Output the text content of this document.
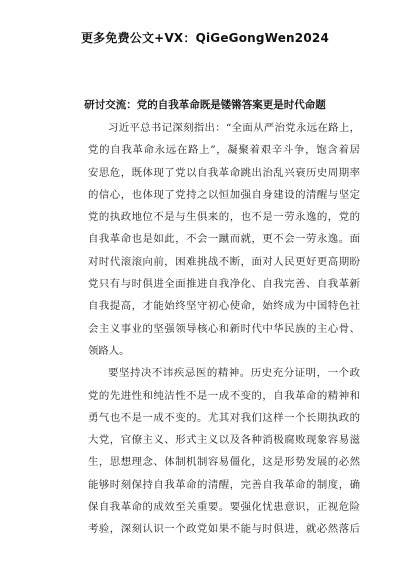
更多免费公文+VX：QiGeGongWen2024
研讨交流：党的自我革命既是镂锵答案更是时代命题
习近平总书记深刻指出：“全面从严治党永远在路上，
党的自我革命永远在路上”，凝聚着艰辛斗争，饱含着居
安思危，既体现了党以自我革命跳出治乱兴衰历史周期率
的信心，也体现了党持之以恒加强自身建设的清醒与坚定
党的执政地位不是与生俱来的，也不是一劳永逸的，党的
自我革命也是如此，不会一蹴而就，更不会一劳永逸。面
对时代滚滚向前，困难挑战不断，面对人民更好更高期盼
党只有与时俱进全面推进自我净化、自我完善、自我革新
自我提高，才能始终坚守初心使命，始终成为中国特色社
会主义事业的坚强领导核心和新时代中华民族的主心骨、
领路人。
要坚持决不讳疾忌医的精神。历史充分证明，一个政
党的先进性和纯洁性不是一成不变的，自我革命的精神和
勇气也不是一成不变的。尤其对我们这样一个长期执政的
大党，官僚主义、形式主义以及各种消极腐败现象容易滋
生，思想理念、体制机制容易僵化，这是形势发展的必然
能够时刻保持自我革命的清醒，完善自我革命的制度，确
保自我革命的成效至关重要。要强化忧患意识，正视危险
考验，深刻认识一个政党如果不能与时俱进，就必然落后
